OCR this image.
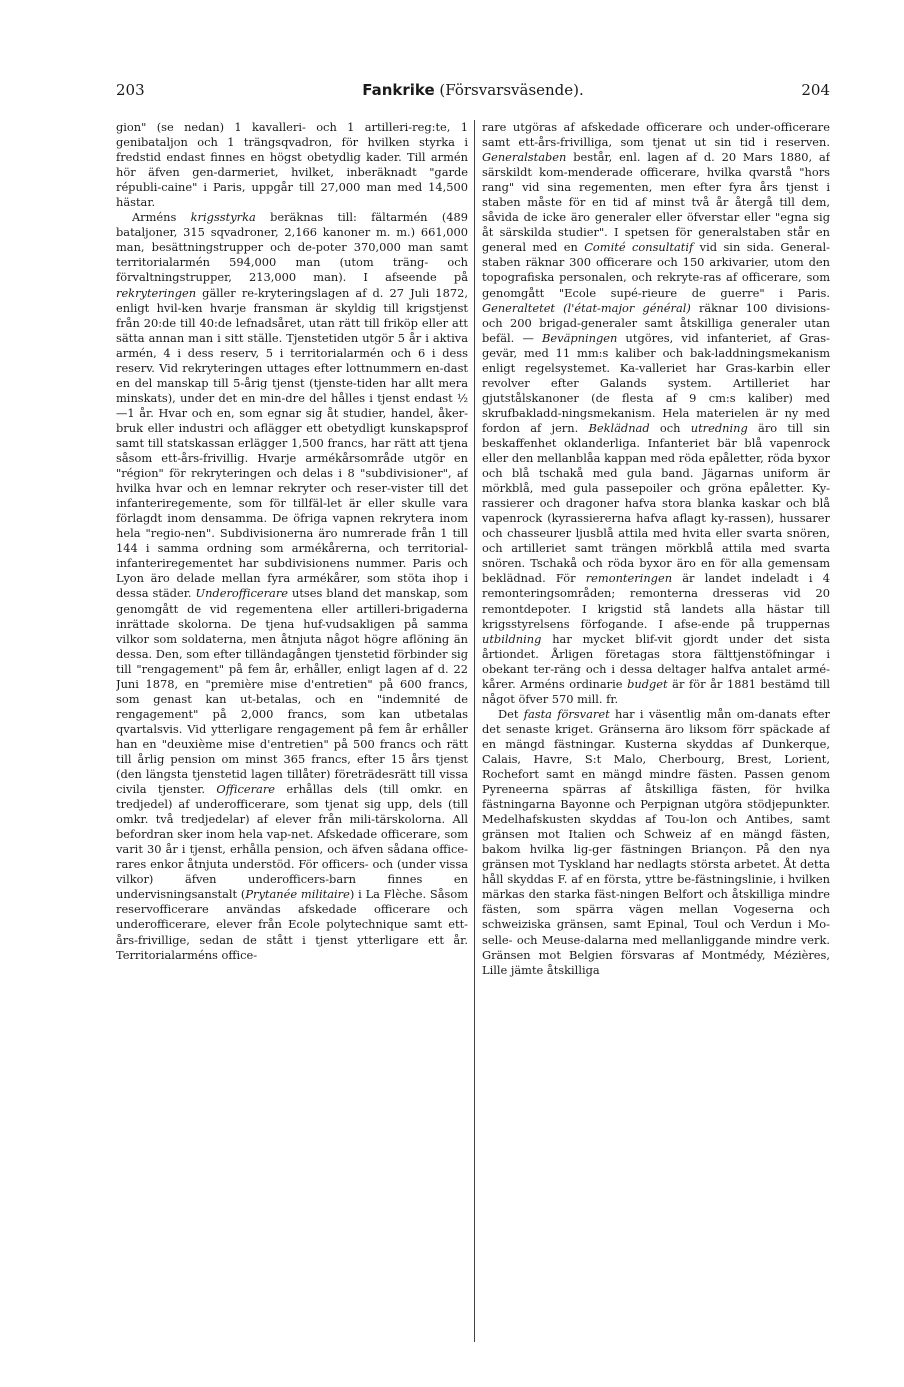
203	Fankrike (Försvarsväsende).	204

gion" (se nedan) 1 kavalleri- och 1 artilleri-reg:te, 1 genibataljon och 1 trängsqvadron, för hvilken styrka i fredstid endast finnes en högst obetydlig kader. Till armén hör äfven gen-darmeriet, hvilket, inberäknadt "garde républi-caine" i Paris, uppgår till 27,000 man med 14,500 hästar.

Arméns krigsstyrka beräknas till: fältarmén (489 bataljoner, 315 sqvadroner, 2,166 kanoner m. m.) 661,000 man, besättningstrupper och de-poter 370,000 man samt territorialarmén 594,000 man (utom träng- och förvaltningstrupper, 213,000 man). I afseende på rekryteringen gäller re-kryteringslagen af d. 27 Juli 1872, enligt hvil-ken hvarje fransman är skyldig till krigstjenst från 20:de till 40:de lefnadsåret, utan rätt till friköp eller att sätta annan man i sitt ställe. Tjenstetiden utgör 5 år i aktiva armén, 4 i dess reserv, 5 i territorialarmén och 6 i dess reserv. Vid rekryteringen uttages efter lottnummern en-dast en del manskap till 5-årig tjenst (tjenste-tiden har allt mera minskats), under det en min-dre del hålles i tjenst endast ½—1 år. Hvar och en, som egnar sig åt studier, handel, åker-bruk eller industri och aflägger ett obetydligt kunskapsprof samt till statskassan erlägger 1,500 francs, har rätt att tjena såsom ett-års-frivillig. Hvarje armékårsområde utgör en "région" för rekryteringen och delas i 8 "subdivisioner", af hvilka hvar och en lemnar rekryter och reser-vister till det infanteriregemente, som för tillfäl-let är eller skulle vara förlagdt inom densamma. De öfriga vapnen rekrytera inom hela "regio-nen". Subdivisionerna äro numrerade från 1 till 144 i samma ordning som armékårerna, och territorial-infanteriregementet har subdivisionens nummer. Paris och Lyon äro delade mellan fyra armékårer, som stöta ihop i dessa städer. Underofficerare utses bland det manskap, som genomgått de vid regementena eller artilleri-brigaderna inrättade skolorna. De tjena huf-vudsakligen på samma vilkor som soldaterna, men åtnjuta något högre aflöning än dessa. Den, som efter tilländagången tjenstetid förbinder sig till "rengagement" på fem år, erhåller, enligt lagen af d. 22 Juni 1878, en "première mise d'entretien" på 600 francs, som genast kan ut-betalas, och en "indemnité de rengagement" på 2,000 francs, som kan utbetalas qvartalsvis. Vid ytterligare rengagement på fem år erhåller han en "deuxième mise d'entretien" på 500 francs och rätt till årlig pension om minst 365 francs, efter 15 års tjenst (den längsta tjenstetid lagen tillåter) företrädesrätt till vissa civila tjenster. Officerare erhållas dels (till omkr. en tredjedel) af underofficerare, som tjenat sig upp, dels (till omkr. två tredjedelar) af elever från mili-tärskolorna. All befordran sker inom hela vap-net. Afskedade officerare, som varit 30 år i tjenst, erhålla pension, och äfven sådana office-rares enkor åtnjuta understöd. För officers- och (under vissa vilkor) äfven underofficers-barn finnes en undervisningsanstalt (Prytanée militaire) i La Flèche. Såsom reservofficerare användas afskedade officerare och underofficerare, elever från Ecole polytechnique samt ett-års-frivillige, sedan de stått i tjenst ytterligare ett år. Territorialarméns office-

rare utgöras af afskedade officerare och under-officerare samt ett-års-frivilliga, som tjenat ut sin tid i reserven. Generalstaben består, enl. lagen af d. 20 Mars 1880, af särskildt kom-menderade officerare, hvilka qvarstå "hors rang" vid sina regementen, men efter fyra års tjenst i staben måste för en tid af minst två år återgå till dem, såvida de icke äro generaler eller öfverstar eller "egna sig åt särskilda studier". I spetsen för generalstaben står en general med en Comité consultatif vid sin sida. General-staben räknar 300 officerare och 150 arkivarier, utom den topografiska personalen, och rekryte-ras af officerare, som genomgått "Ecole supé-rieure de guerre" i Paris. Generaltetet (l'état-major général) räknar 100 divisions- och 200 brigad-generaler samt åtskilliga generaler utan befäl. — Beväpningen utgöres, vid infanteriet, af Gras-gevär, med 11 mm:s kaliber och bak-laddningsmekanism enligt regelsystemet. Ka-valleriet har Gras-karbin eller revolver efter Galands system. Artilleriet har gjutstålskanoner (de flesta af 9 cm:s kaliber) med skrufbakladd-ningsmekanism. Hela materielen är ny med fordon af jern. Beklädnad och utredning äro till sin beskaffenhet oklanderliga. Infanteriet bär blå vapenrock eller den mellanblåa kappan med röda epåletter, röda byxor och blå tschakå med gula band. Jägarnas uniform är mörkblå, med gula passepoiler och gröna epåletter. Ky-rassierer och dragoner hafva stora blanka kaskar och blå vapenrock (kyrassiererna hafva aflagt ky-rassen), hussarer och chasseurer ljusblå attila med hvita eller svarta snören, och artilleriet samt trängen mörkblå attila med svarta snören. Tschakå och röda byxor äro en för alla gemensam beklädnad. För remonteringen är landet indeladt i 4 remonteringsområden; remonterna dresseras vid 20 remontdepoter. I krigstid stå landets alla hästar till krigsstyrelsens förfogande. I afse-ende på truppernas utbildning har mycket blif-vit gjordt under det sista årtiondet. Årligen företagas stora fälttjenstöfningar i obekant ter-räng och i dessa deltager halfva antalet armé-kårer. Arméns ordinarie budget är för år 1881 bestämd till något öfver 570 mill. fr.

Det fasta försvaret har i väsentlig mån om-danats efter det senaste kriget. Gränserna äro liksom förr späckade af en mängd fästningar. Kusterna skyddas af Dunkerque, Calais, Havre, S:t Malo, Cherbourg, Brest, Lorient, Rochefort samt en mängd mindre fästen. Passen genom Pyreneerna spärras af åtskilliga fästen, för hvilka fästningarna Bayonne och Perpignan utgöra stödjepunkter. Medelhafskusten skyddas af Tou-lon och Antibes, samt gränsen mot Italien och Schweiz af en mängd fästen, bakom hvilka lig-ger fästningen Briançon. På den nya gränsen mot Tyskland har nedlagts största arbetet. Åt detta håll skyddas F. af en första, yttre be-fästningslinie, i hvilken märkas den starka fäst-ningen Belfort och åtskilliga mindre fästen, som spärra vägen mellan Vogeserna och schweiziska gränsen, samt Epinal, Toul och Verdun i Mo-selle- och Meuse-dalarna med mellanliggande mindre verk. Gränsen mot Belgien försvaras af Montmédy, Mézières, Lille jämte åtskilliga
